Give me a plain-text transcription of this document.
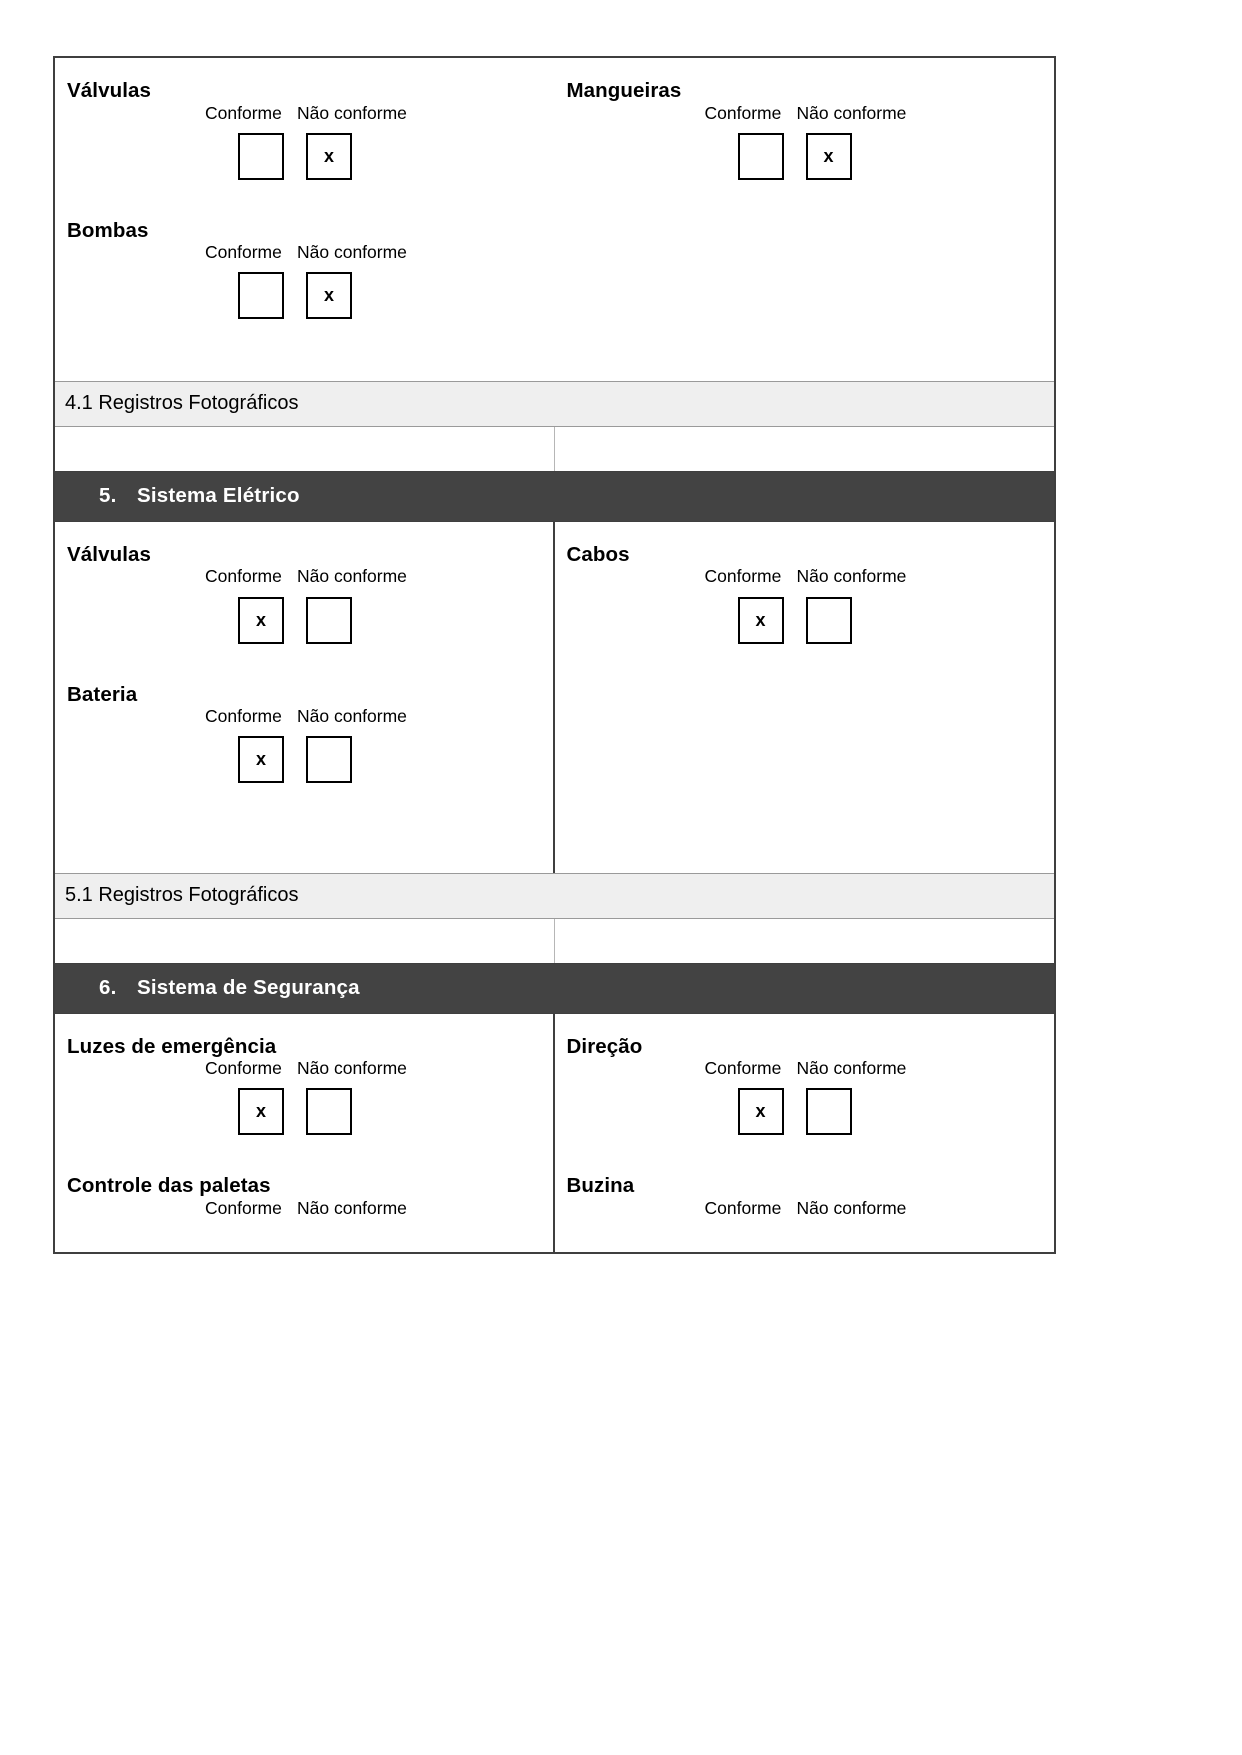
Válvulas
Conforme Não conforme
x
Mangueiras
Conforme Não conforme
x
Bombas
Conforme Não conforme
x
4.1 Registros Fotográficos
5. Sistema Elétrico
Válvulas
Conforme Não conforme
x
Bateria
Conforme Não conforme
x
Cabos
Conforme Não conforme
x
5.1 Registros Fotográficos
6. Sistema de Segurança
Luzes de emergência
Conforme Não conforme
x
Controle das paletas
Conforme Não conforme
Direção
Conforme Não conforme
x
Buzina
Conforme Não conforme
